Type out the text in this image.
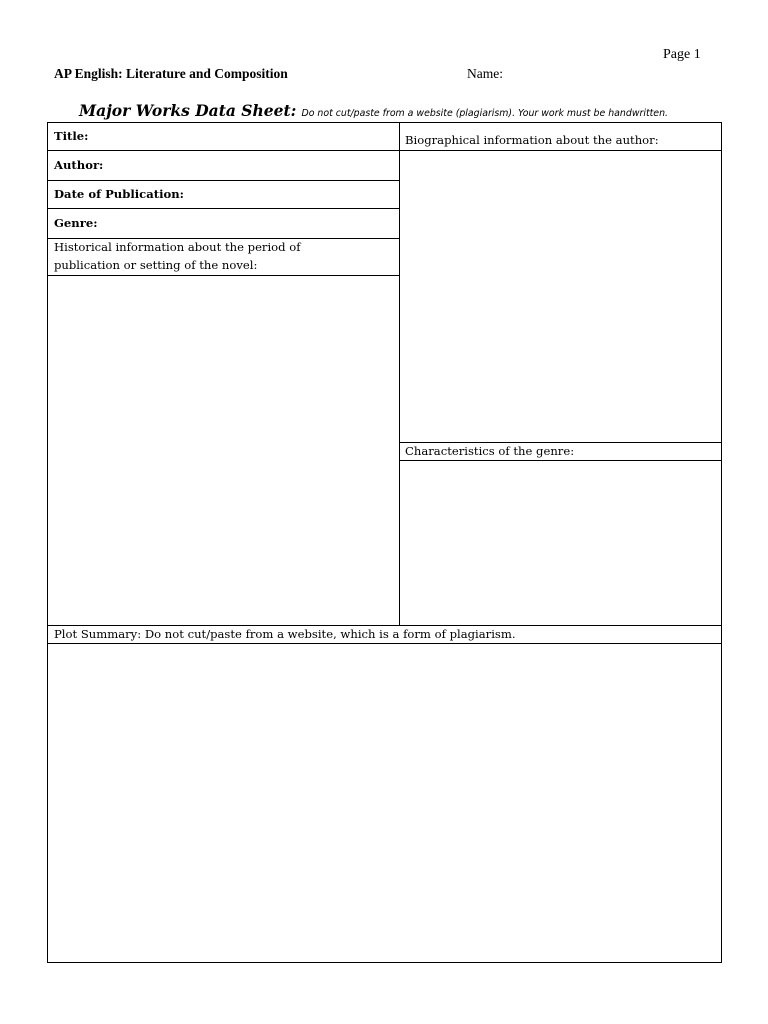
Page 1
AP English: Literature and Composition	Name:
Major Works Data Sheet: Do not cut/paste from a website (plagiarism). Your work must be handwritten.
Title:
Author:
Date of Publication:
Genre:
Historical information about the period of
publication or setting of the novel:
Biographical information about the author:
Characteristics of the genre:
Plot Summary: Do not cut/paste from a website, which is a form of plagiarism.
